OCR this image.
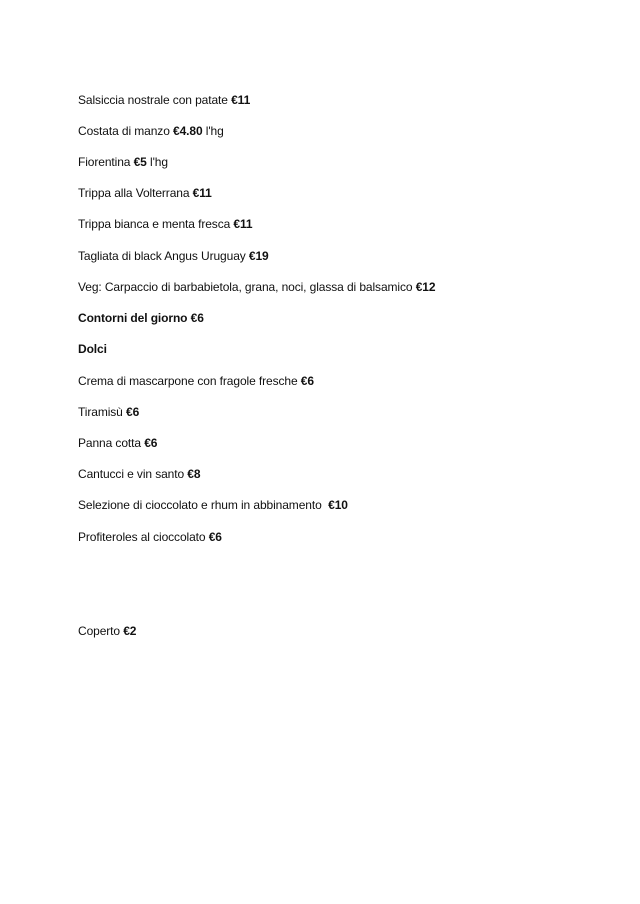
Salsiccia nostrale con patate €11
Costata di manzo €4.80 l'hg
Fiorentina €5 l'hg
Trippa alla Volterrana €11
Trippa bianca e menta fresca €11
Tagliata di black Angus Uruguay €19
Veg: Carpaccio di barbabietola, grana, noci, glassa di balsamico €12
Contorni del giorno €6
Dolci
Crema di mascarpone con fragole fresche €6
Tiramisù €6
Panna cotta €6
Cantucci e vin santo €8
Selezione di cioccolato e rhum in abbinamento  €10
Profiteroles al cioccolato €6
Coperto €2
